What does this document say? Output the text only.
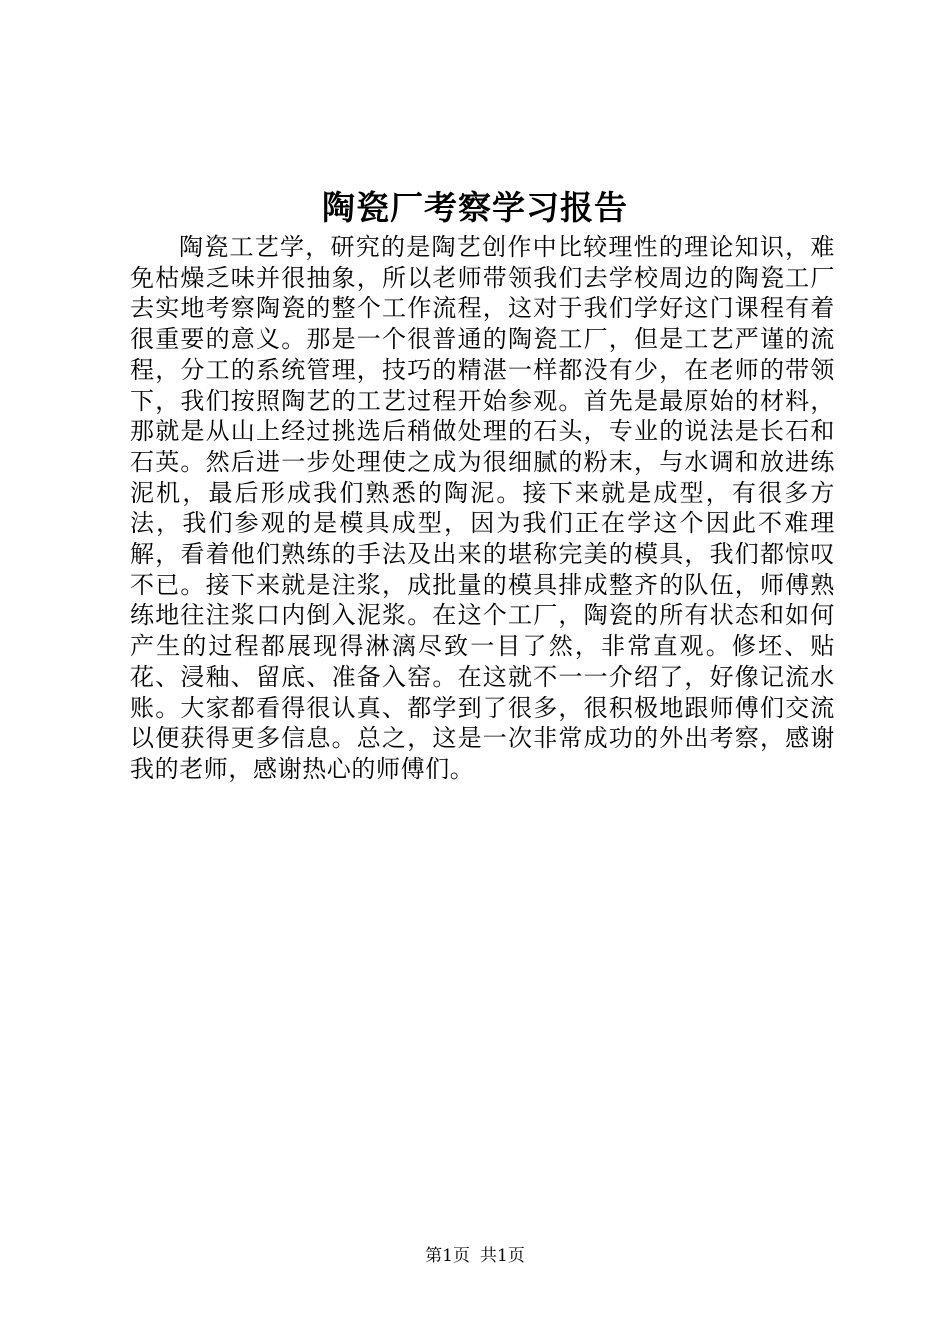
陶瓷厂考察学习报告

陶瓷工艺学，研究的是陶艺创作中比较理性的理论知识，难免枯燥乏味并很抽象，所以老师带领我们去学校周边的陶瓷工厂去实地考察陶瓷的整个工作流程，这对于我们学好这门课程有着很重要的意义。那是一个很普通的陶瓷工厂，但是工艺严谨的流程，分工的系统管理，技巧的精湛一样都没有少，在老师的带领下，我们按照陶艺的工艺过程开始参观。首先是最原始的材料，那就是从山上经过挑选后稍做处理的石头，专业的说法是长石和石英。然后进一步处理使之成为很细腻的粉末，与水调和放进练泥机，最后形成我们熟悉的陶泥。接下来就是成型，有很多方法，我们参观的是模具成型，因为我们正在学这个因此不难理解，看着他们熟练的手法及出来的堪称完美的模具，我们都惊叹不已。接下来就是注浆，成批量的模具排成整齐的队伍，师傅熟练地往注浆口内倒入泥浆。在这个工厂，陶瓷的所有状态和如何产生的过程都展现得淋漓尽致一目了然，非常直观。修坯、贴花、浸釉、留底、准备入窑。在这就不一一介绍了，好像记流水账。大家都看得很认真、都学到了很多，很积极地跟师傅们交流以便获得更多信息。总之，这是一次非常成功的外出考察，感谢我的老师，感谢热心的师傅们。

第1页 共1页
